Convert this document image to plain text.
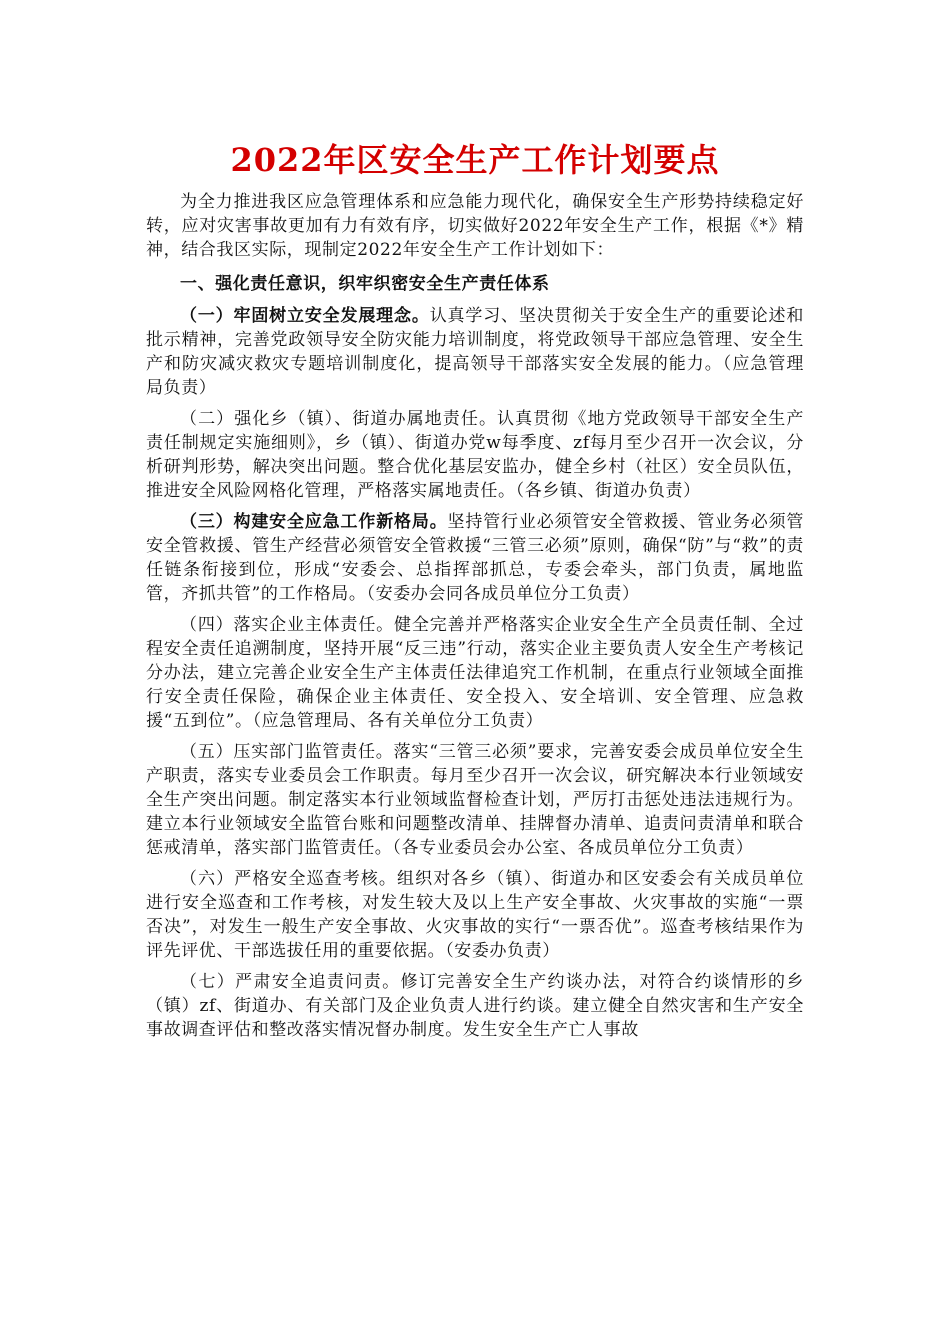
2022年区安全生产工作计划要点

为全力推进我区应急管理体系和应急能力现代化，确保安全生产形势持续稳定好转，应对灾害事故更加有力有效有序，切实做好2022年安全生产工作，根据《*》精神，结合我区实际，现制定2022年安全生产工作计划如下：

一、强化责任意识，织牢织密安全生产责任体系

（一）牢固树立安全发展理念。认真学习、坚决贯彻关于安全生产的重要论述和批示精神，完善党政领导安全防灾能力培训制度，将党政领导干部应急管理、安全生产和防灾减灾救灾专题培训制度化，提高领导干部落实安全发展的能力。（应急管理局负责）

（二）强化乡（镇）、街道办属地责任。认真贯彻《地方党政领导干部安全生产责任制规定实施细则》，乡（镇）、街道办党w每季度、zf每月至少召开一次会议，分析研判形势，解决突出问题。整合优化基层安监办，健全乡村（社区）安全员队伍，推进安全风险网格化管理，严格落实属地责任。（各乡镇、街道办负责）

（三）构建安全应急工作新格局。坚持管行业必须管安全管救援、管业务必须管安全管救援、管生产经营必须管安全管救援“三管三必须”原则，确保“防”与“救”的责任链条衔接到位，形成“安委会、总指挥部抓总，专委会牵头，部门负责，属地监管，齐抓共管”的工作格局。（安委办会同各成员单位分工负责）

（四）落实企业主体责任。健全完善并严格落实企业安全生产全员责任制、全过程安全责任追溯制度，坚持开展“反三违”行动，落实企业主要负责人安全生产考核记分办法，建立完善企业安全生产主体责任法律追究工作机制，在重点行业领域全面推行安全责任保险，确保企业主体责任、安全投入、安全培训、安全管理、应急救援“五到位”。（应急管理局、各有关单位分工负责）

（五）压实部门监管责任。落实“三管三必须”要求，完善安委会成员单位安全生产职责，落实专业委员会工作职责。每月至少召开一次会议，研究解决本行业领域安全生产突出问题。制定落实本行业领域监督检查计划，严厉打击惩处违法违规行为。建立本行业领域安全监管台账和问题整改清单、挂牌督办清单、追责问责清单和联合惩戒清单，落实部门监管责任。（各专业委员会办公室、各成员单位分工负责）

（六）严格安全巡查考核。组织对各乡（镇）、街道办和区安委会有关成员单位进行安全巡查和工作考核，对发生较大及以上生产安全事故、火灾事故的实施“一票否决”，对发生一般生产安全事故、火灾事故的实行“一票否优”。巡查考核结果作为评先评优、干部选拔任用的重要依据。（安委办负责）

（七）严肃安全追责问责。修订完善安全生产约谈办法，对符合约谈情形的乡（镇）zf、街道办、有关部门及企业负责人进行约谈。建立健全自然灾害和生产安全事故调查评估和整改落实情况督办制度。发生安全生产亡人事故
